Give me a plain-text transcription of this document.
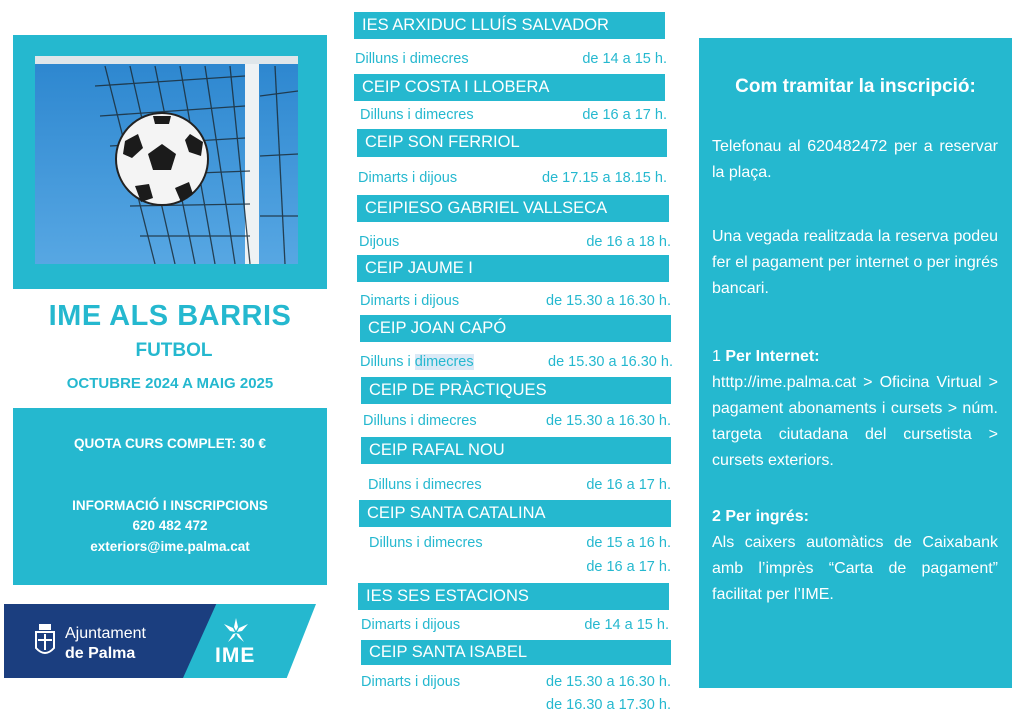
IME ALS BARRIS
FUTBOL
OCTUBRE 2024 A MAIG 2025
QUOTA CURS COMPLET: 30 €
INFORMACIÓ I INSCRIPCIONS
620 482 472
exteriors@ime.palma.cat
Ajuntament
de Palma	IME
IES ARXIDUC LLUÍS SALVADOR
Dilluns i dimecres	de 14 a 15 h.
CEIP COSTA I LLOBERA
Dilluns i dimecres	de 16 a 17 h.
CEIP SON FERRIOL
Dimarts i dijous	de 17.15 a 18.15 h.
CEIPIESO GABRIEL VALLSECA
Dijous	de 16 a 18 h.
CEIP JAUME I
Dimarts i dijous	de 15.30 a 16.30 h.
CEIP JOAN CAPÓ
Dilluns i dimecres	de 15.30 a 16.30 h.
CEIP DE PRÀCTIQUES
Dilluns i dimecres	de 15.30 a 16.30 h.
CEIP RAFAL NOU
Dilluns i dimecres	de 16 a 17 h.
CEIP SANTA CATALINA
Dilluns i dimecres	de 15 a 16 h.
de 16 a 17 h.
IES SES ESTACIONS
Dimarts i dijous	de 14 a 15 h.
CEIP SANTA ISABEL
Dimarts i dijous	de 15.30 a 16.30 h.
de 16.30 a 17.30 h.
Com tramitar la inscripció:
Telefonau al 620482472 per a reservar la plaça.
Una vegada realitzada la reserva podeu fer el pagament per internet o per ingrés bancari.
1 Per Internet:
htttp://ime.palma.cat > Oficina Virtual > pagament abonaments i cursets > núm. targeta ciutadana del cursetista > cursets exteriors.
2 Per ingrés:
Als caixers automàtics de Caixabank amb l’imprès “Carta de pagament” facilitat per l’IME.
